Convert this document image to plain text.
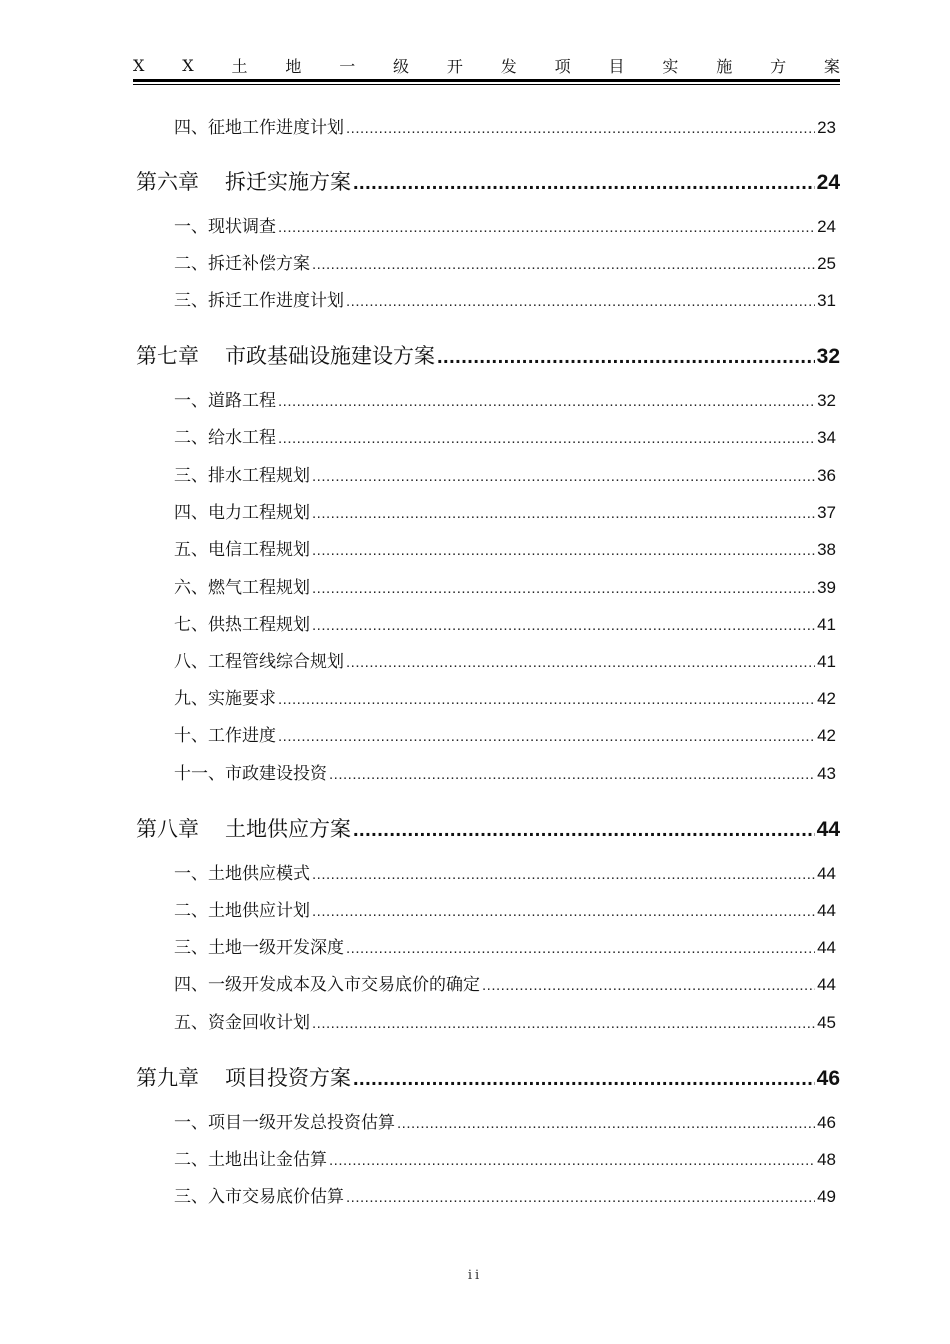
X X 土 地 一 级 开 发 项 目 实 施 方 案
四、征地工作进度计划 .....	23
第六章 拆迁实施方案 .....	24
一、现状调查 .....	24
二、拆迁补偿方案 .....	25
三、拆迁工作进度计划 .....	31
第七章 市政基础设施建设方案 .....	32
一、道路工程 .....	32
二、给水工程 .....	34
三、排水工程规划 .....	36
四、电力工程规划 .....	37
五、电信工程规划 .....	38
六、燃气工程规划 .....	39
七、供热工程规划 .....	41
八、工程管线综合规划 .....	41
九、实施要求 .....	42
十、工作进度 .....	42
十一、市政建设投资 .....	43
第八章 土地供应方案 .....	44
一、土地供应模式 .....	44
二、土地供应计划 .....	44
三、土地一级开发深度 .....	44
四、一级开发成本及入市交易底价的确定 .....	44
五、资金回收计划 .....	45
第九章 项目投资方案 .....	46
一、项目一级开发总投资估算 .....	46
二、土地出让金估算 .....	48
三、入市交易底价估算 .....	49
ii
